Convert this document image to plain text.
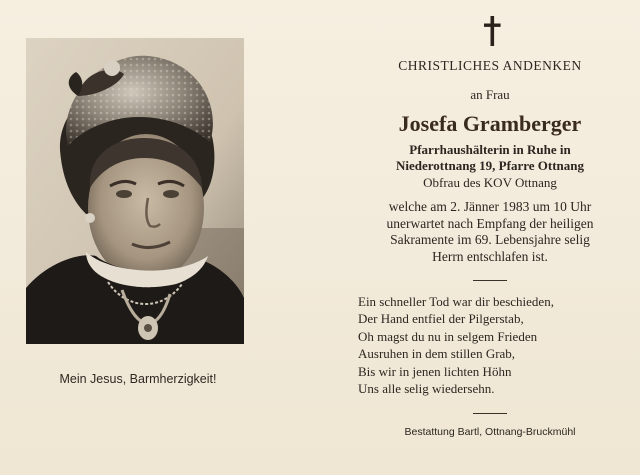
Mein Jesus, Barmherzigkeit!
CHRISTLICHES ANDENKEN
an Frau
Josefa Gramberger
Pfarrhaushälterin in Ruhe in
Niederottnang 19, Pfarre Ottnang
Obfrau des KOV Ottnang
welche am 2. Jänner 1983 um 10 Uhr
unerwartet nach Empfang der heiligen
Sakramente im 69. Lebensjahre selig
Herrn entschlafen ist.
Ein schneller Tod war dir beschieden,
Der Hand entfiel der Pilgerstab,
Oh magst du nu in selgem Frieden
Ausruhen in dem stillen Grab,
Bis wir in jenen lichten Höhn
Uns alle selig wiedersehn.
Bestattung Bartl, Ottnang-Bruckmühl
